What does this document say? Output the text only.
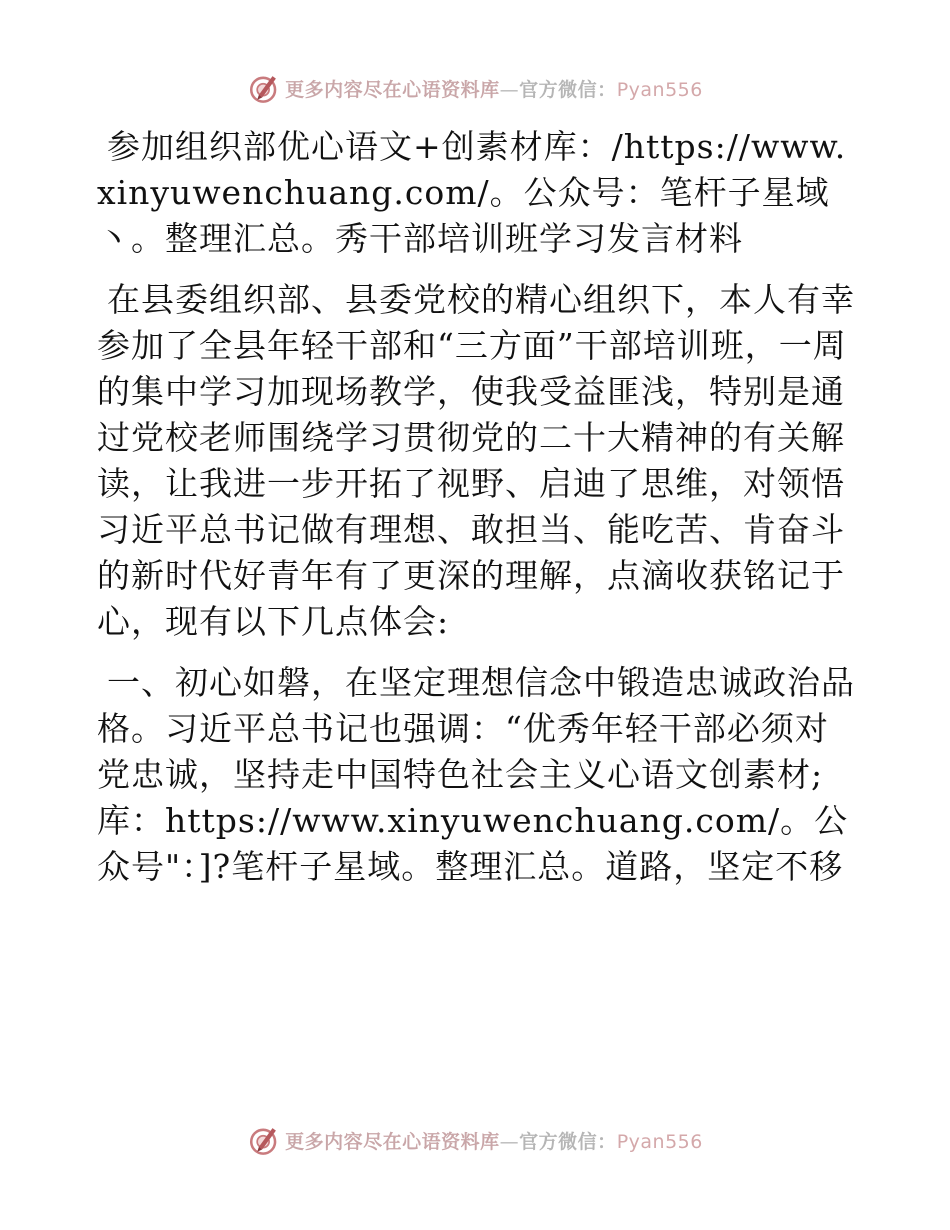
更多内容尽在心语资料库—官方微信：Pyan556

参加组织部优心语文+创素材库：/https://www.xinyuwenchuang.com/。公众号：笔杆子星域丶。整理汇总。秀干部培训班学习发言材料

在县委组织部、县委党校的精心组织下，本人有幸参加了全县年轻干部和“三方面”干部培训班，一周的集中学习加现场教学，使我受益匪浅，特别是通过党校老师围绕学习贯彻党的二十大精神的有关解读，让我进一步开拓了视野、启迪了思维，对领悟习近平总书记做有理想、敢担当、能吃苦、肯奋斗的新时代好青年有了更深的理解，点滴收获铭记于心，现有以下几点体会:

一、初心如磐，在坚定理想信念中锻造忠诚政治品格。习近平总书记也强调：“优秀年轻干部必须对党忠诚，坚持走中国特色社会主义心语文创素材;库：https://www.xinyuwenchuang.com/。公众号"：]?笔杆子星域。整理汇总。道路，坚定不移

更多内容尽在心语资料库—官方微信：Pyan556
